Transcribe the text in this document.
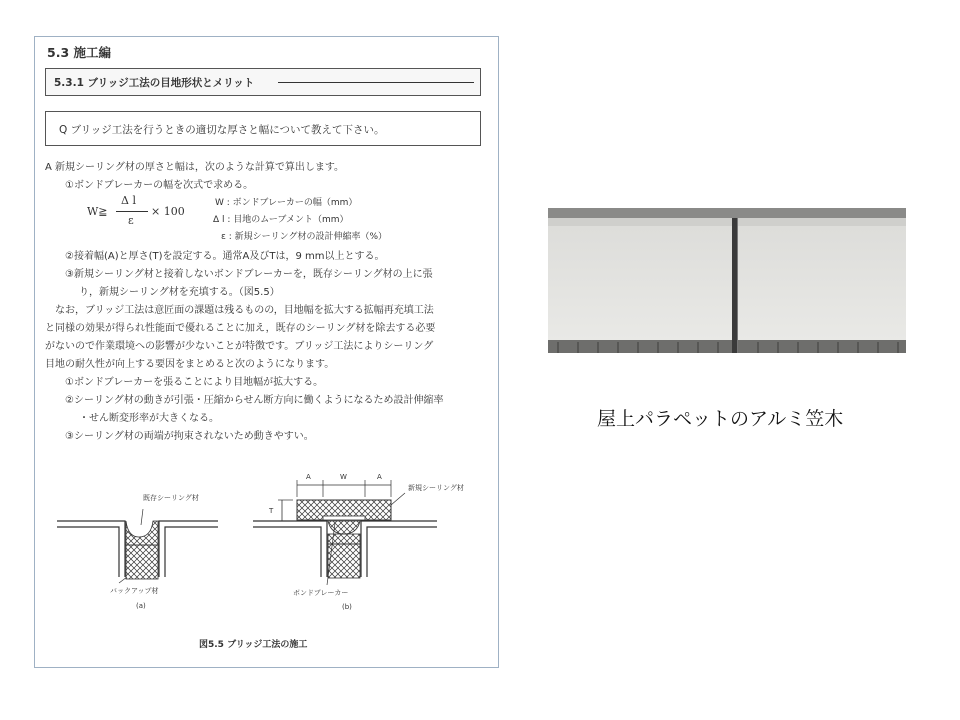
5.3 施工編
5.3.1 ブリッジ工法の目地形状とメリット
Q ブリッジ工法を行うときの適切な厚さと幅について教えて下さい。
A 新規シーリング材の厚さと幅は，次のような計算で算出します。
①ボンドブレーカーの幅を次式で求める。
W≧
Δ l
ε
× 100
W : ボンドブレーカーの幅（mm）
Δ l : 目地のムーブメント（mm）
ε : 新規シーリング材の設計伸縮率（%）
②接着幅(A)と厚さ(T)を設定する。通常A及びTは，9 mm以上とする。
③新規シーリング材と接着しないボンドブレーカーを，既存シーリング材の上に張
り，新規シーリング材を充填する。（図5.5）
なお，ブリッジ工法は意匠面の課題は残るものの，目地幅を拡大する拡幅再充填工法
と同様の効果が得られ性能面で優れることに加え，既存のシーリング材を除去する必要
がないので作業環境への影響が少ないことが特徴です。ブリッジ工法によりシーリング
目地の耐久性が向上する要因をまとめると次のようになります。
①ボンドブレーカーを張ることにより目地幅が拡大する。
②シーリング材の動きが引張・圧縮からせん断方向に働くようになるため設計伸縮率
・せん断変形率が大きくなる。
③シーリング材の両端が拘束されないため動きやすい。
既存シーリング材
バックアップ材
(a)
A	W	A
T
新規シーリング材
ボンドブレーカー
(b)
図5.5 ブリッジ工法の施工
屋上パラペットのアルミ笠木
